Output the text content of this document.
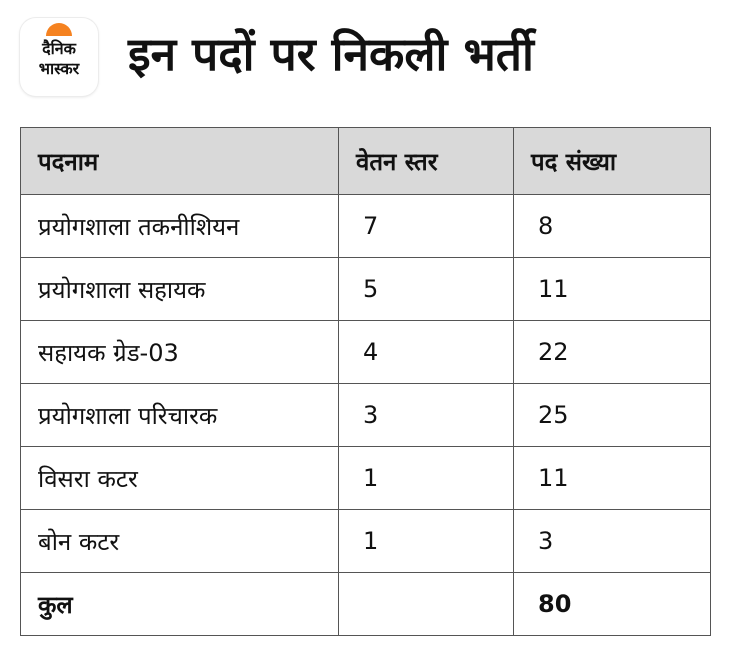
दैनिक
भास्कर	इन पदों पर निकली भर्ती
पदनाम	वेतन स्तर	पद संख्या
प्रयोगशाला तकनीशियन	7	8
प्रयोगशाला सहायक	5	11
सहायक ग्रेड-03	4	22
प्रयोगशाला परिचारक	3	25
विसरा कटर	1	11
बोन कटर	1	3
कुल		80
